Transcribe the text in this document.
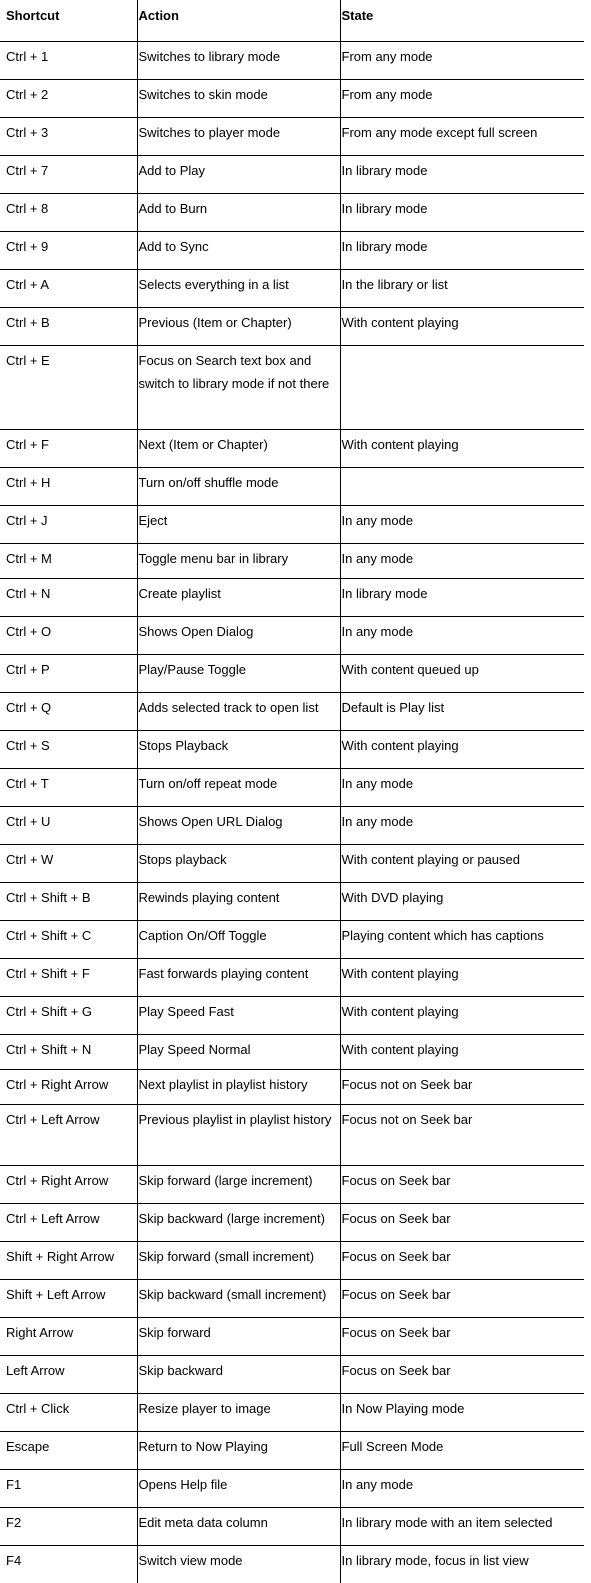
Shortcut	Action	State
Ctrl + 1	Switches to library mode	From any mode
Ctrl + 2	Switches to skin mode	From any mode
Ctrl + 3	Switches to player mode	From any mode except full screen
Ctrl + 7	Add to Play	In library mode
Ctrl + 8	Add to Burn	In library mode
Ctrl + 9	Add to Sync	In library mode
Ctrl + A	Selects everything in a list	In the library or list
Ctrl + B	Previous (Item or Chapter)	With content playing
Ctrl + E	Focus on Search text box and switch to library mode if not there	
Ctrl + F	Next (Item or Chapter)	With content playing
Ctrl + H	Turn on/off shuffle mode	
Ctrl + J	Eject	In any mode
Ctrl + M	Toggle menu bar in library	In any mode
Ctrl + N	Create playlist	In library mode
Ctrl + O	Shows Open Dialog	In any mode
Ctrl + P	Play/Pause Toggle	With content queued up
Ctrl + Q	Adds selected track to open list	Default is Play list
Ctrl + S	Stops Playback	With content playing
Ctrl + T	Turn on/off repeat mode	In any mode
Ctrl + U	Shows Open URL Dialog	In any mode
Ctrl + W	Stops playback	With content playing or paused
Ctrl + Shift + B	Rewinds playing content	With DVD playing
Ctrl + Shift + C	Caption On/Off Toggle	Playing content which has captions
Ctrl + Shift + F	Fast forwards playing content	With content playing
Ctrl + Shift + G	Play Speed Fast	With content playing
Ctrl + Shift + N	Play Speed Normal	With content playing
Ctrl + Right Arrow	Next playlist in playlist history	Focus not on Seek bar
Ctrl + Left Arrow	Previous playlist in playlist history	Focus not on Seek bar
Ctrl + Right Arrow	Skip forward (large increment)	Focus on Seek bar
Ctrl + Left Arrow	Skip backward (large increment)	Focus on Seek bar
Shift + Right Arrow	Skip forward (small increment)	Focus on Seek bar
Shift + Left Arrow	Skip backward (small increment)	Focus on Seek bar
Right Arrow	Skip forward	Focus on Seek bar
Left Arrow	Skip backward	Focus on Seek bar
Ctrl + Click	Resize player to image	In Now Playing mode
Escape	Return to Now Playing	Full Screen Mode
F1	Opens Help file	In any mode
F2	Edit meta data column	In library mode with an item selected
F4	Switch view mode	In library mode, focus in list view
